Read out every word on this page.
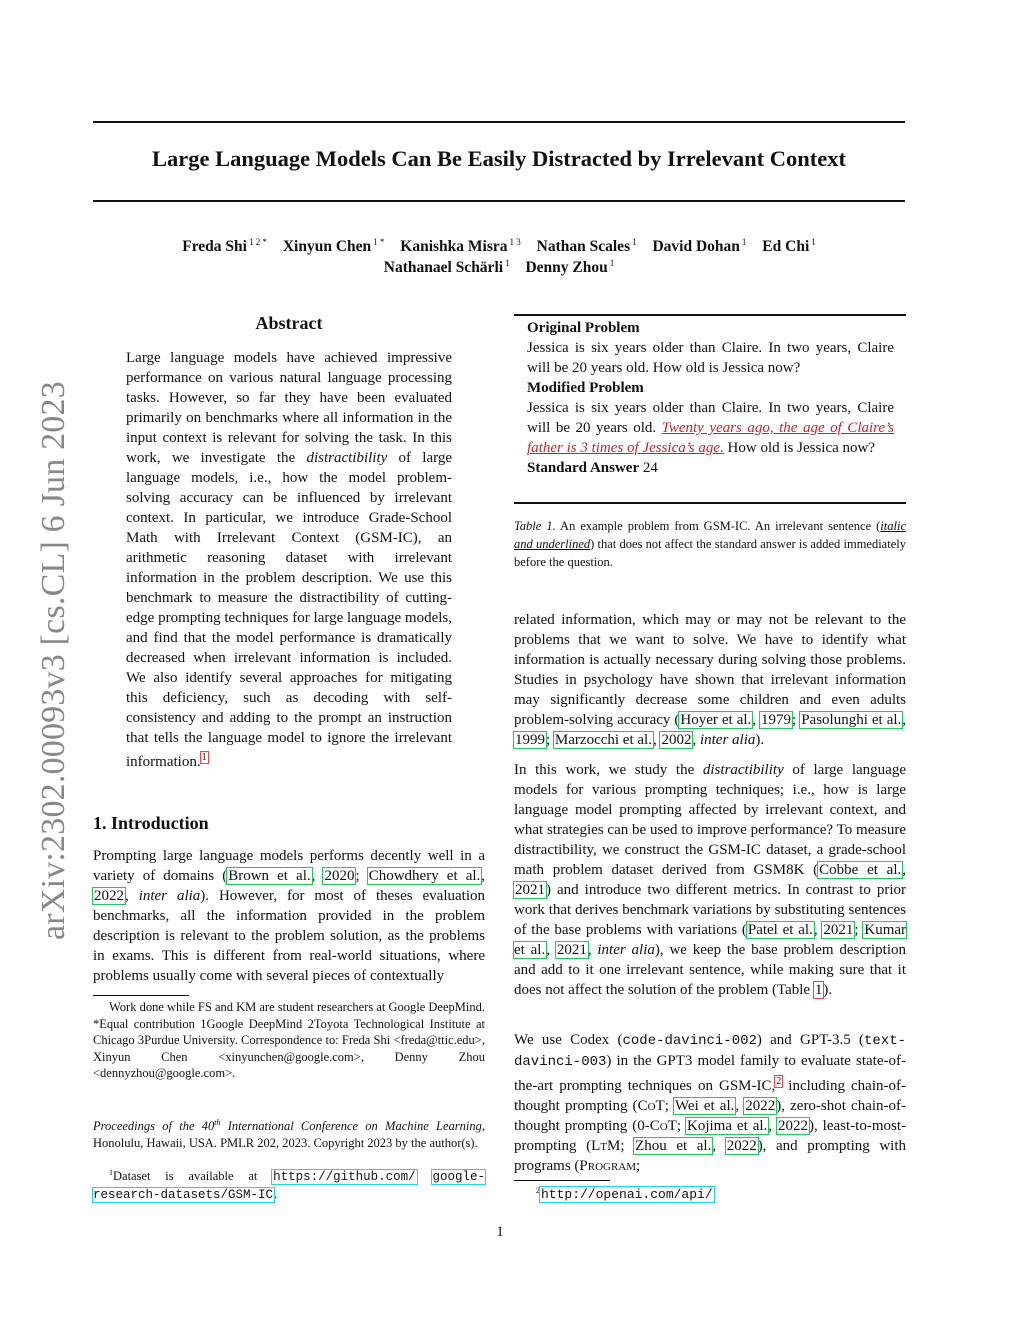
Large Language Models Can Be Easily Distracted by Irrelevant Context
Freda Shi $^{1 2 *}$ Xinyun Chen $^{1 *}$ Kanishka Misra $^{1 3}$ Nathan Scales $^1$ David Dohan $^1$ Ed Chi $^1$
Nathanael Schärli $^1$ Denny Zhou $^1$
arXiv:2302.00093v3 [cs.CL] 6 Jun 2023
Abstract
Large language models have achieved impressive performance on various natural language processing tasks. However, so far they have been evaluated primarily on benchmarks where all information in the input context is relevant for solving the task. In this work, we investigate the distractibility of large language models, i.e., how the model problem-solving accuracy can be influenced by irrelevant context. In particular, we introduce Grade-School Math with Irrelevant Context (GSM-IC), an arithmetic reasoning dataset with irrelevant information in the problem description. We use this benchmark to measure the distractibility of cutting-edge prompting techniques for large language models, and find that the model performance is dramatically decreased when irrelevant information is included. We also identify several approaches for mitigating this deficiency, such as decoding with self-consistency and adding to the prompt an instruction that tells the language model to ignore the irrelevant information.$^1$
1. Introduction
Prompting large language models performs decently well in a variety of domains (Brown et al., 2020; Chowdhery et al., 2022, inter alia). However, for most of theses evaluation benchmarks, all the information provided in the problem description is relevant to the problem solution, as the problems in exams. This is different from real-world situations, where problems usually come with several pieces of contextually
Work done while FS and KM are student researchers at Google DeepMind. *Equal contribution 1Google DeepMind 2Toyota Technological Institute at Chicago 3Purdue University. Correspondence to: Freda Shi <freda@ttic.edu>, Xinyun Chen <xinyunchen@google.com>, Denny Zhou <dennyzhou@google.com>.
Proceedings of the 40th International Conference on Machine Learning, Honolulu, Hawaii, USA. PMLR 202, 2023. Copyright 2023 by the author(s).
$^1$Dataset is available at https://github.com/ google-research-datasets/GSM-IC.
Original Problem
Jessica is six years older than Claire. In two years, Claire will be 20 years old. How old is Jessica now?
Modified Problem
Jessica is six years older than Claire. In two years, Claire will be 20 years old. Twenty years ago, the age of Claire’s father is 3 times of Jessica’s age. How old is Jessica now?
Standard Answer 24
Table 1. An example problem from GSM-IC. An irrelevant sentence (italic and underlined) that does not affect the standard answer is added immediately before the question.
related information, which may or may not be relevant to the problems that we want to solve. We have to identify what information is actually necessary during solving those problems. Studies in psychology have shown that irrelevant information may significantly decrease some children and even adults problem-solving accuracy (Hoyer et al., 1979; Pasolunghi et al., 1999; Marzocchi et al., 2002, inter alia).
In this work, we study the distractibility of large language models for various prompting techniques; i.e., how is large language model prompting affected by irrelevant context, and what strategies can be used to improve performance? To measure distractibility, we construct the GSM-IC dataset, a grade-school math problem dataset derived from GSM8K (Cobbe et al., 2021) and introduce two different metrics. In contrast to prior work that derives benchmark variations by substituting sentences of the base problems with variations (Patel et al., 2021; Kumar et al., 2021, inter alia), we keep the base problem description and add to it one irrelevant sentence, while making sure that it does not affect the solution of the problem (Table 1).
We use Codex (code-davinci-002) and GPT-3.5 (text-davinci-003) in the GPT3 model family to evaluate state-of-the-art prompting techniques on GSM-IC,$^2$ including chain-of-thought prompting (CoT; Wei et al., 2022), zero-shot chain-of-thought prompting (0-CoT; Kojima et al., 2022), least-to-most-prompting (LtM; Zhou et al., 2022), and prompting with programs (Program;
$^2$http://openai.com/api/
1
